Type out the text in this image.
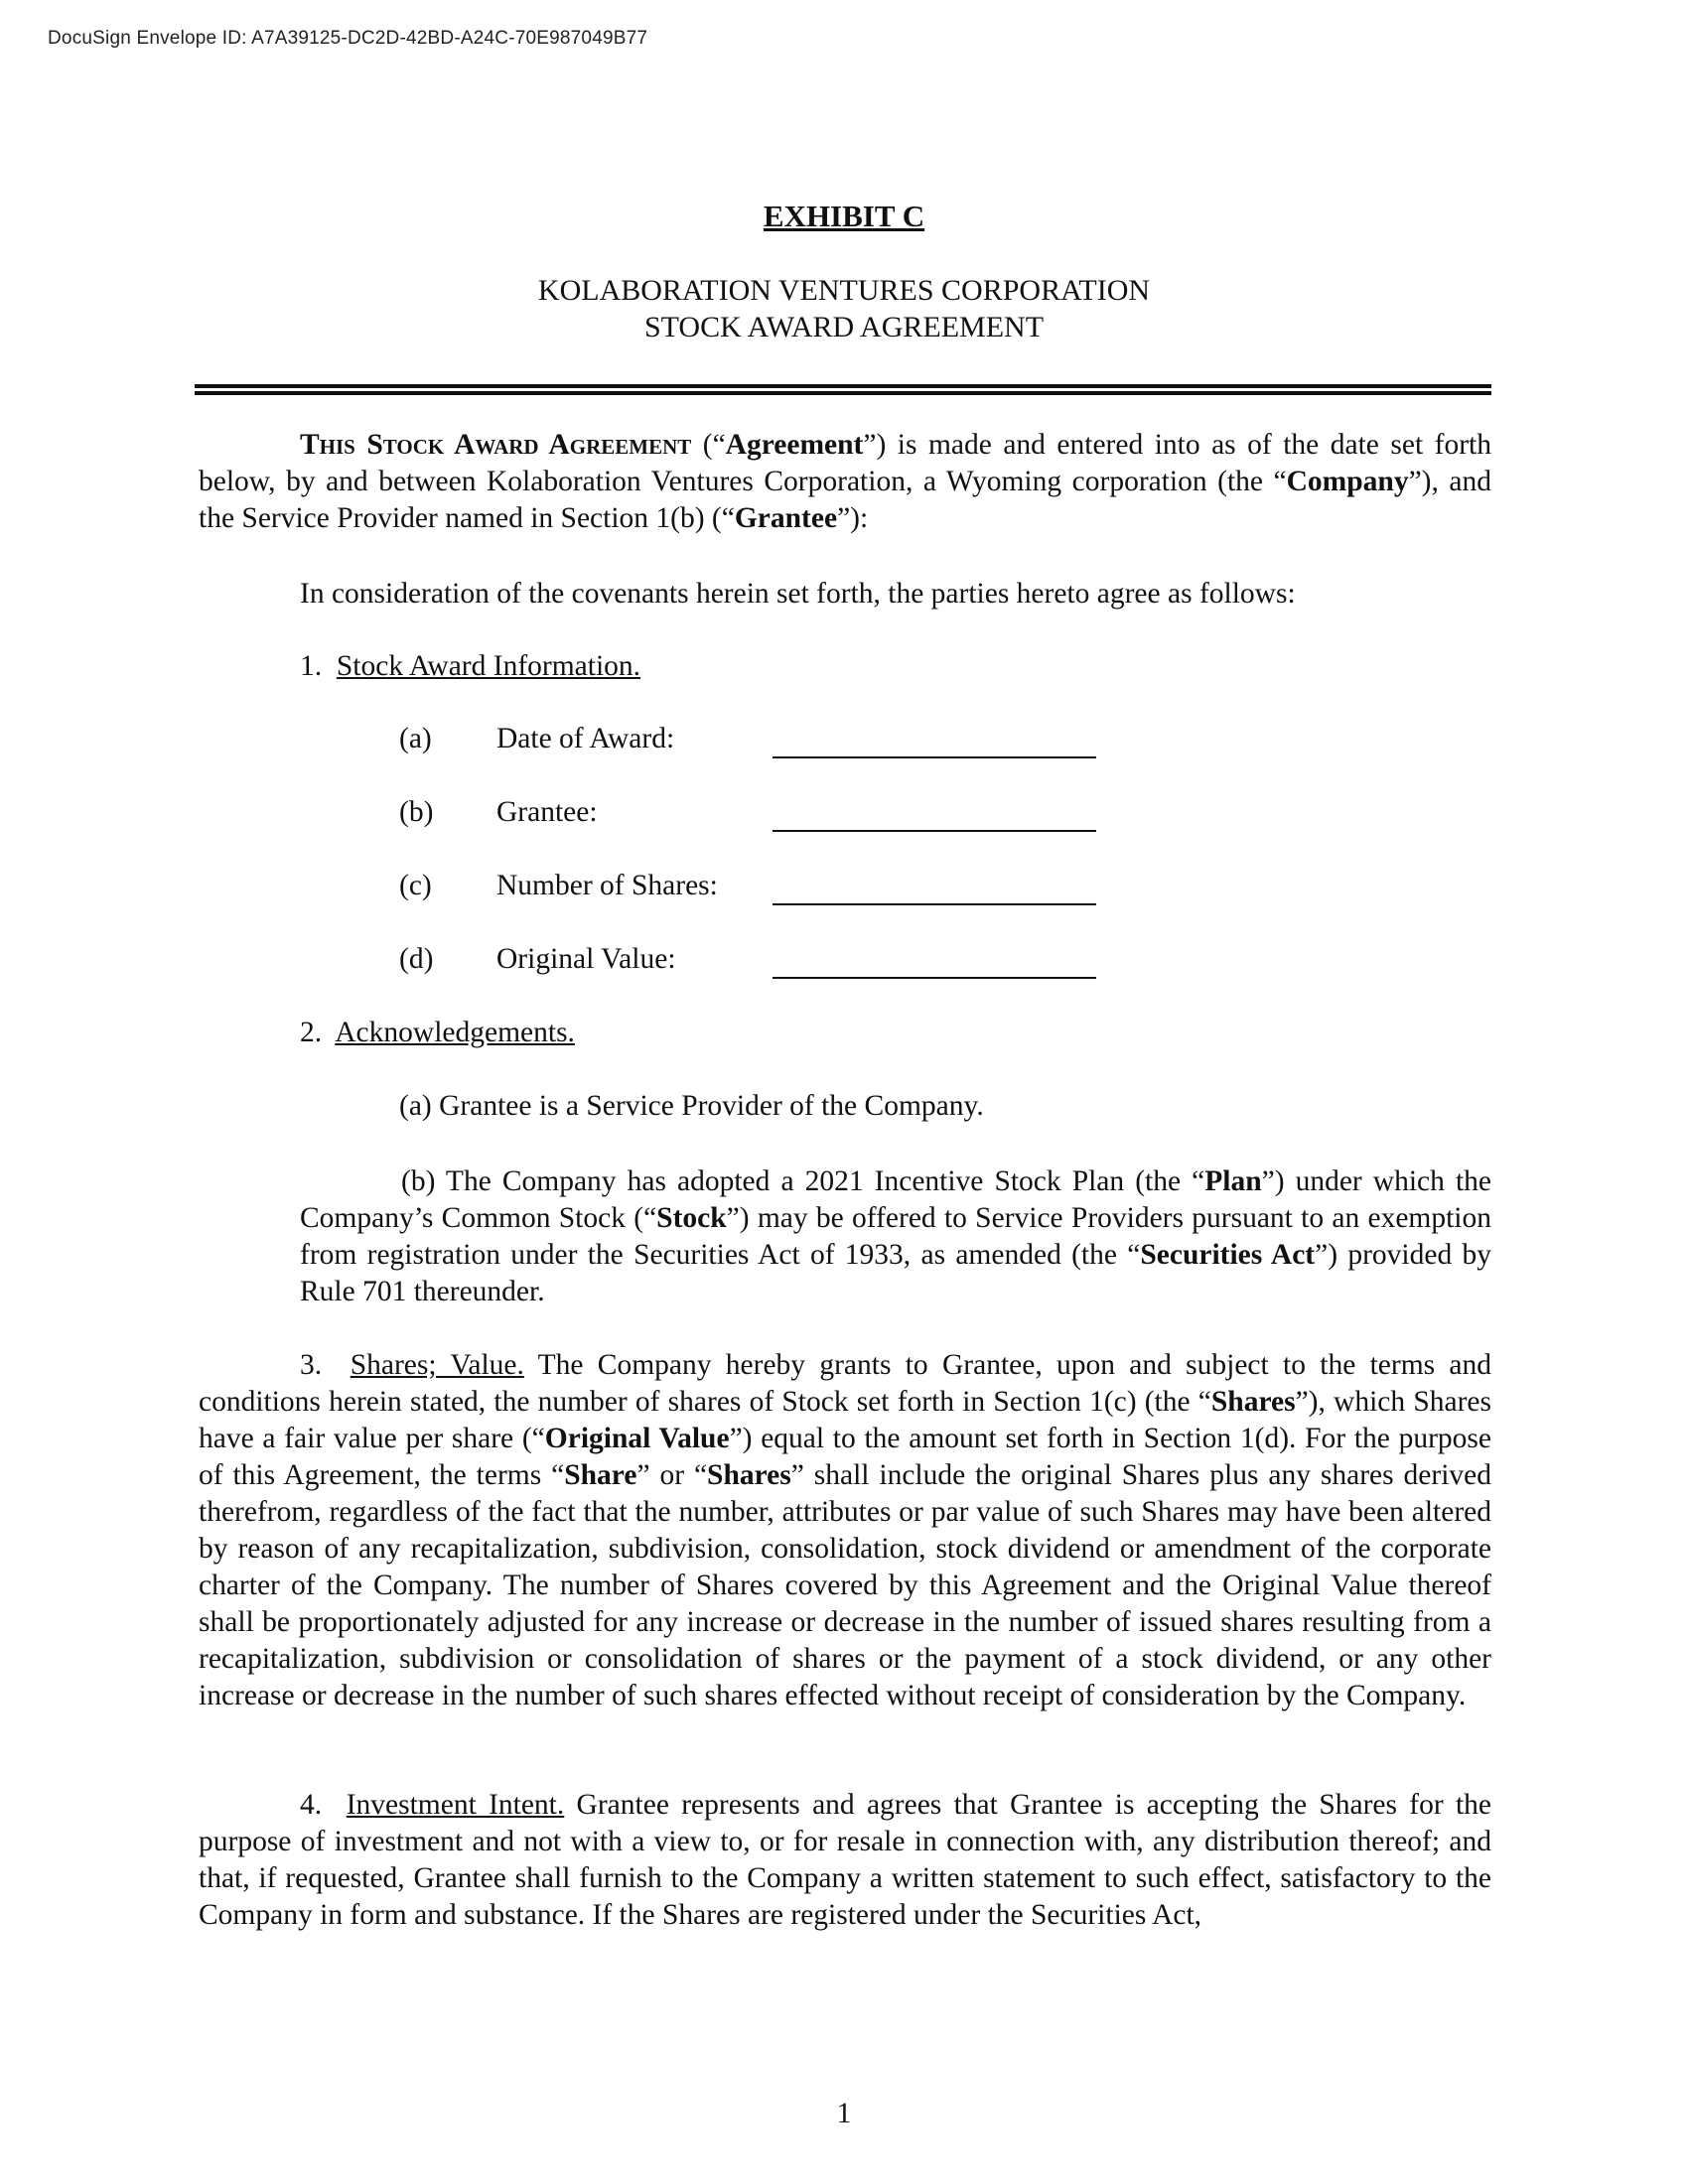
DocuSign Envelope ID: A7A39125-DC2D-42BD-A24C-70E987049B77
EXHIBIT C
KOLABORATION VENTURES CORPORATION
STOCK AWARD AGREEMENT
This Stock Award Agreement (“Agreement”) is made and entered into as of the date set forth below, by and between Kolaboration Ventures Corporation, a Wyoming corporation (the “Company”), and the Service Provider named in Section 1(b) (“Grantee”):
In consideration of the covenants herein set forth, the parties hereto agree as follows:
1. Stock Award Information.
(a) Date of Award:
(b) Grantee:
(c) Number of Shares:
(d) Original Value:
2. Acknowledgements.
(a) Grantee is a Service Provider of the Company.
(b) The Company has adopted a 2021 Incentive Stock Plan (the “Plan”) under which the Company’s Common Stock (“Stock”) may be offered to Service Providers pursuant to an exemption from registration under the Securities Act of 1933, as amended (the “Securities Act”) provided by Rule 701 thereunder.
3. Shares; Value. The Company hereby grants to Grantee, upon and subject to the terms and conditions herein stated, the number of shares of Stock set forth in Section 1(c) (the “Shares”), which Shares have a fair value per share (“Original Value”) equal to the amount set forth in Section 1(d). For the purpose of this Agreement, the terms “Share” or “Shares” shall include the original Shares plus any shares derived therefrom, regardless of the fact that the number, attributes or par value of such Shares may have been altered by reason of any recapitalization, subdivision, consolidation, stock dividend or amendment of the corporate charter of the Company. The number of Shares covered by this Agreement and the Original Value thereof shall be proportionately adjusted for any increase or decrease in the number of issued shares resulting from a recapitalization, subdivision or consolidation of shares or the payment of a stock dividend, or any other increase or decrease in the number of such shares effected without receipt of consideration by the Company.
4. Investment Intent. Grantee represents and agrees that Grantee is accepting the Shares for the purpose of investment and not with a view to, or for resale in connection with, any distribution thereof; and that, if requested, Grantee shall furnish to the Company a written statement to such effect, satisfactory to the Company in form and substance. If the Shares are registered under the Securities Act,
1
